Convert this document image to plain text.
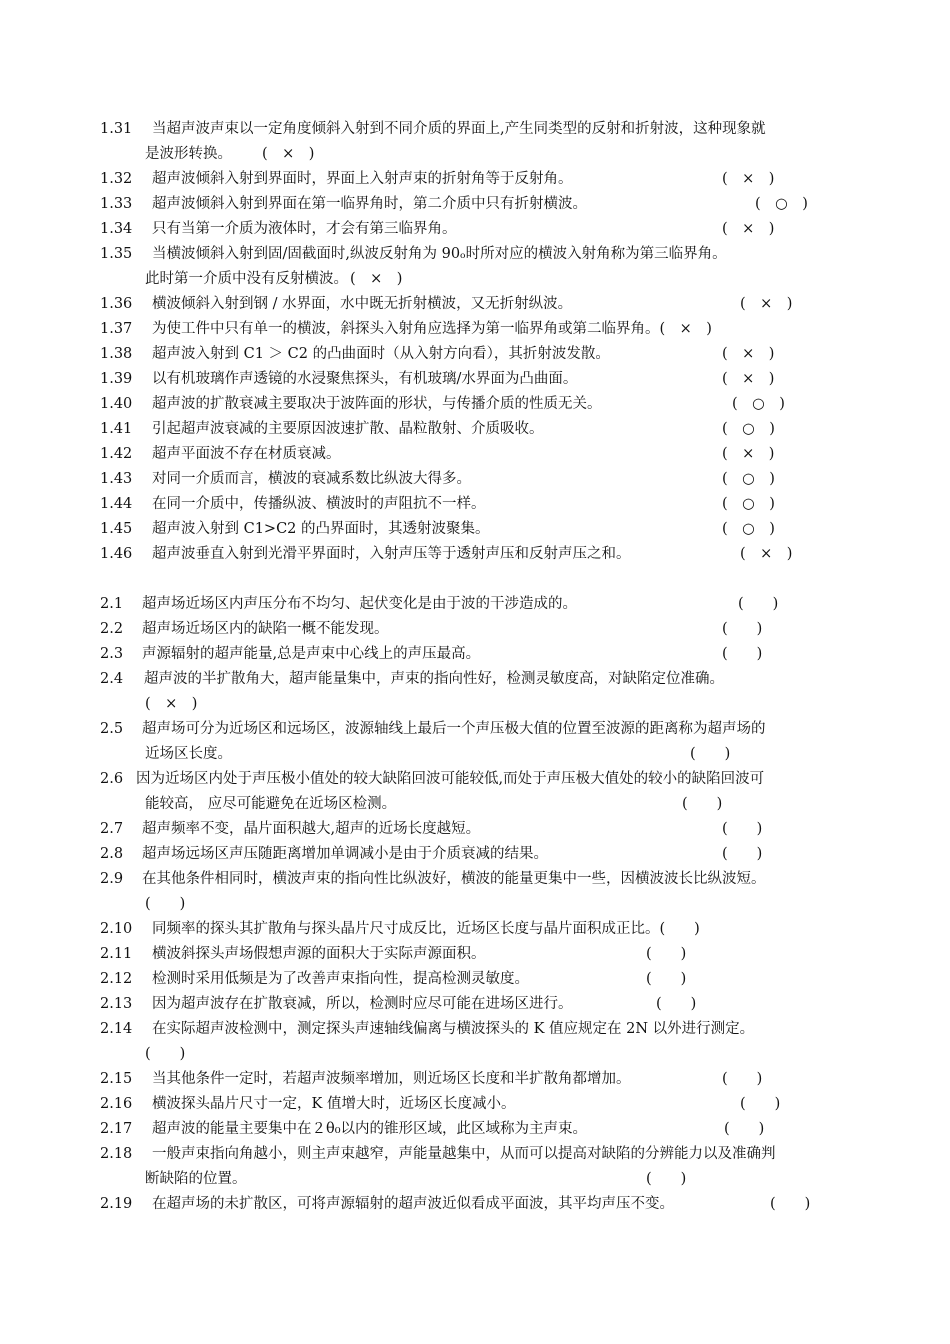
1.31	当超声波声束以一定角度倾斜入射到不同介质的界面上,产生同类型的反射和折射波，这种现象就
是波形转换。 (　×　)
1.32	超声波倾斜入射到界面时，界面上入射声束的折射角等于反射角。	(　×　)
1.33	超声波倾斜入射到界面在第一临界角时，第二介质中只有折射横波。	(　○　)
1.34	只有当第一介质为液体时，才会有第三临界角。	(　×　)
1.35	当横波倾斜入射到固/固截面时,纵波反射角为 90ₒ时所对应的横波入射角称为第三临界角。
此时第一介质中没有反射横波。 (　×　)
1.36	横波倾斜入射到钢 / 水界面，水中既无折射横波，又无折射纵波。	(　×　)
1.37	为使工件中只有单一的横波，斜探头入射角应选择为第一临界角或第二临界角。(　×　)
1.38	超声波入射到 C1 ＞ C2 的凸曲面时（从入射方向看），其折射波发散。	(　×　)
1.39	以有机玻璃作声透镜的水浸聚焦探头，有机玻璃/水界面为凸曲面。	(　×　)
1.40	超声波的扩散衰减主要取决于波阵面的形状，与传播介质的性质无关。	(　○　)
1.41	引起超声波衰减的主要原因波速扩散、晶粒散射、介质吸收。	(　○　)
1.42	超声平面波不存在材质衰减。	(　×　)
1.43	对同一介质而言，横波的衰减系数比纵波大得多。	(　○　)
1.44	在同一介质中，传播纵波、横波时的声阻抗不一样。	(　○　)
1.45	超声波入射到 C1>C2 的凸界面时，其透射波聚集。	(　○　)
1.46	超声波垂直入射到光滑平界面时，入射声压等于透射声压和反射声压之和。	(　×　)
2.1	超声场近场区内声压分布不均匀、起伏变化是由于波的干涉造成的。	(　　)
2.2	超声场近场区内的缺陷一概不能发现。	(　　)
2.3	声源辐射的超声能量,总是声束中心线上的声压最高。	(　　)
2.4	超声波的半扩散角大，超声能量集中，声束的指向性好，检测灵敏度高，对缺陷定位准确。
(　×　)
2.5	超声场可分为近场区和远场区，波源轴线上最后一个声压极大值的位置至波源的距离称为超声场的
近场区长度。	(　　)
2.6 因为近场区内处于声压极小值处的较大缺陷回波可能较低,而处于声压极大值处的较小的缺陷回波可
能较高， 应尽可能避免在近场区检测。	(　　)
2.7	超声频率不变，晶片面积越大,超声的近场长度越短。	(　　)
2.8	超声场远场区声压随距离增加单调减小是由于介质衰减的结果。	(　　)
2.9	在其他条件相同时，横波声束的指向性比纵波好，横波的能量更集中一些，因横波波长比纵波短。
(　　)
2.10	同频率的探头其扩散角与探头晶片尺寸成反比，近场区长度与晶片面积成正比。(　　)
2.11	横波斜探头声场假想声源的面积大于实际声源面积。	(　　)
2.12	检测时采用低频是为了改善声束指向性，提高检测灵敏度。	(　　)
2.13	因为超声波存在扩散衰减，所以，检测时应尽可能在进场区进行。	(　　)
2.14	在实际超声波检测中，测定探头声速轴线偏离与横波探头的 K 值应规定在 2N 以外进行测定。
(　　)
2.15	当其他条件一定时，若超声波频率增加，则近场区长度和半扩散角都增加。	(　　)
2.16	横波探头晶片尺寸一定，K 值增大时，近场区长度减小。	(　　)
2.17	超声波的能量主要集中在２θ₀以内的锥形区域，此区域称为主声束。	(　　)
2.18	一般声束指向角越小，则主声束越窄，声能量越集中，从而可以提高对缺陷的分辨能力以及准确判
断缺陷的位置。	(　　)
2.19	在超声场的未扩散区，可将声源辐射的超声波近似看成平面波，其平均声压不变。	(　　)
